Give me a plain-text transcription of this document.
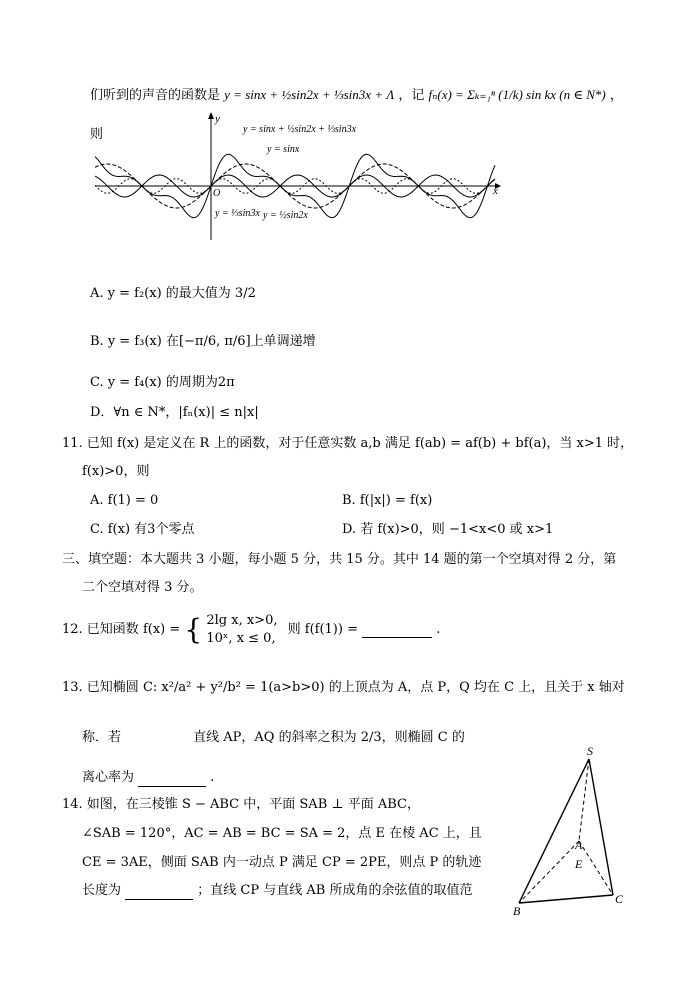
们听到的声音的函数是 y = sinx + ½sin2x + ⅓sin3x + Λ ，记 fₙ(x) = Σₖ₌₁ⁿ (1/k) sin kx (n ∈ N*) ，
则
x
y
O
y = sinx + ½sin2x + ⅓sin3x
y = sinx
y = ⅓sin3x y = ½sin2x
A. y = f₂(x) 的最大值为 3/2
B. y = f₃(x) 在[−π/6, π/6]上单调递增
C. y = f₄(x) 的周期为2π
D．∀n ∈ N*，|fₙ(x)| ≤ n|x|
11. 已知 f(x) 是定义在 R 上的函数，对于任意实数 a,b 满足 f(ab) = af(b) + bf(a)，当 x>1 时，
f(x)>0，则
A. f(1) = 0	B. f(|x|) = f(x)
C. f(x) 有3个零点	D. 若 f(x)>0，则 −1<x<0 或 x>1
三、填空题：本大题共 3 小题，每小题 5 分，共 15 分。其中 14 题的第一个空填对得 2 分，第
二个空填对得 3 分。
12. 已知函数 f(x) = { 2lg x, x>0,
10ˣ, x ≤ 0,
则 f(f(1)) =	.
13. 已知椭圆 C: x²/a² + y²/b² = 1(a>b>0) 的上顶点为 A，点 P，Q 均在 C 上，且关于 x 轴对
称．若	直线 AP，AQ 的斜率之积为 2/3，则椭圆 C 的
离心率为	.
14. 如图，在三棱锥 S − ABC 中，平面 SAB ⊥ 平面 ABC，
∠SAB = 120°，AC = AB = BC = SA = 2，点 E 在棱 AC 上，且
CE = 3AE，侧面 SAB 内一动点 P 满足 CP = 2PE，则点 P 的轨迹
长度为	；直线 CP 与直线 AB 所成角的余弦值的取值范
S
A
E
B
C
